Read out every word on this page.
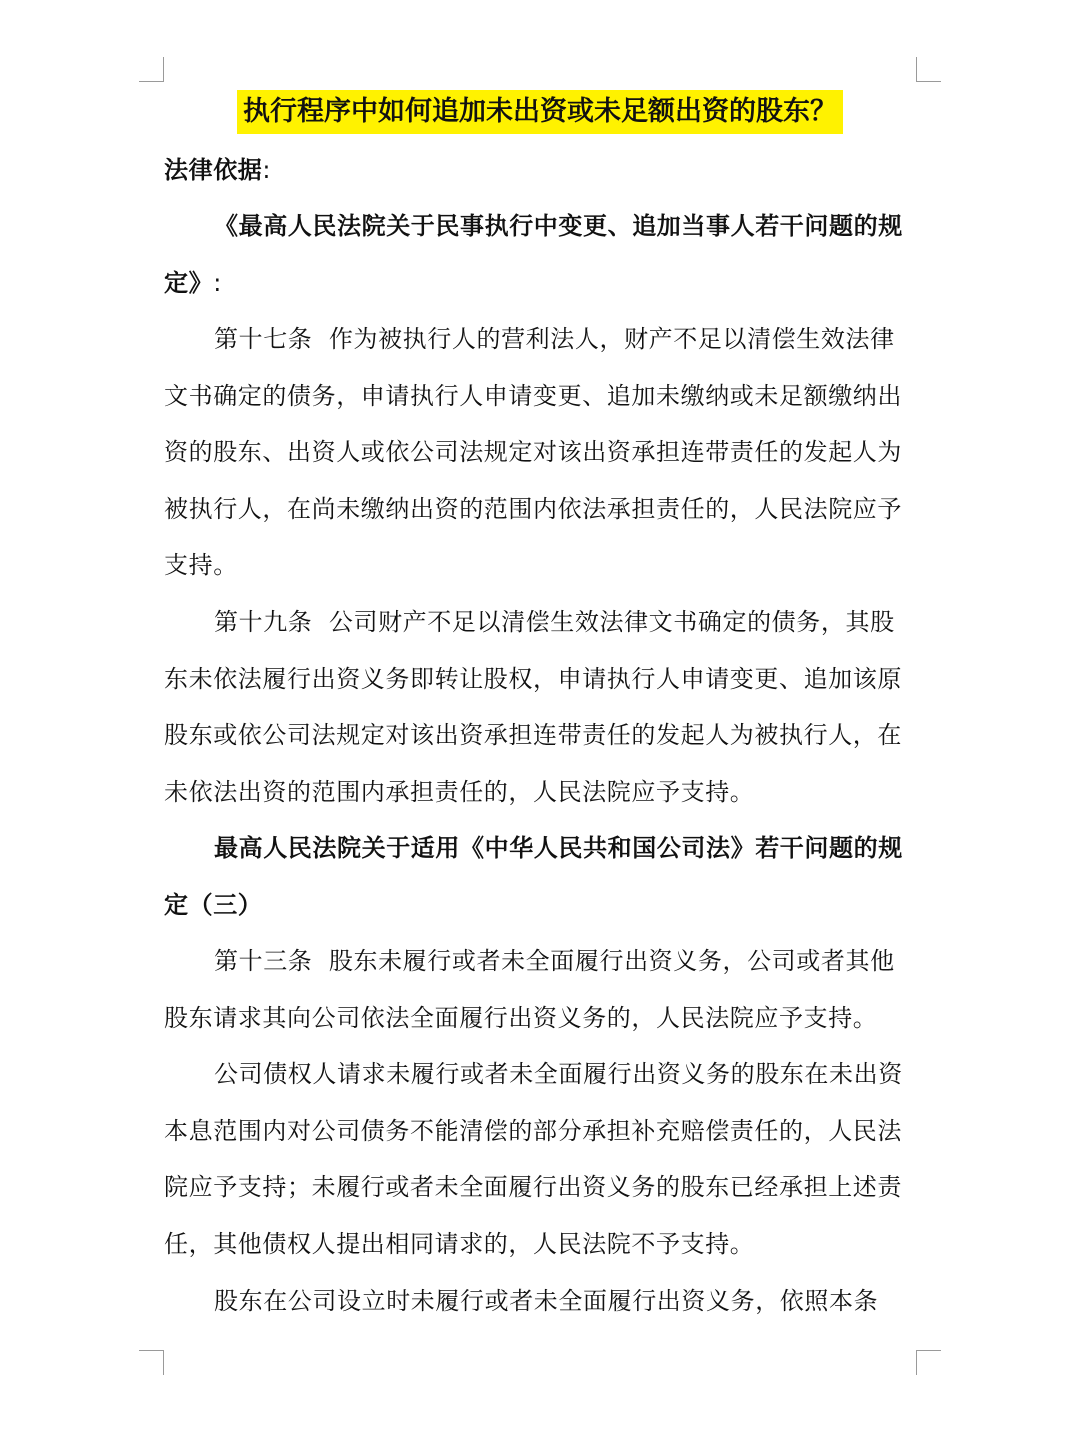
执行程序中如何追加未出资或未足额出资的股东？

法律依据:

《最高人民法院关于民事执行中变更、追加当事人若干问题的规定》:

第十七条 作为被执行人的营利法人，财产不足以清偿生效法律文书确定的债务，申请执行人申请变更、追加未缴纳或未足额缴纳出资的股东、出资人或依公司法规定对该出资承担连带责任的发起人为被执行人，在尚未缴纳出资的范围内依法承担责任的，人民法院应予支持。

第十九条 公司财产不足以清偿生效法律文书确定的债务，其股东未依法履行出资义务即转让股权，申请执行人申请变更、追加该原股东或依公司法规定对该出资承担连带责任的发起人为被执行人，在未依法出资的范围内承担责任的，人民法院应予支持。

最高人民法院关于适用《中华人民共和国公司法》若干问题的规定（三）

第十三条 股东未履行或者未全面履行出资义务，公司或者其他股东请求其向公司依法全面履行出资义务的，人民法院应予支持。

公司债权人请求未履行或者未全面履行出资义务的股东在未出资本息范围内对公司债务不能清偿的部分承担补充赔偿责任的，人民法院应予支持；未履行或者未全面履行出资义务的股东已经承担上述责任，其他债权人提出相同请求的，人民法院不予支持。

股东在公司设立时未履行或者未全面履行出资义务，依照本条
